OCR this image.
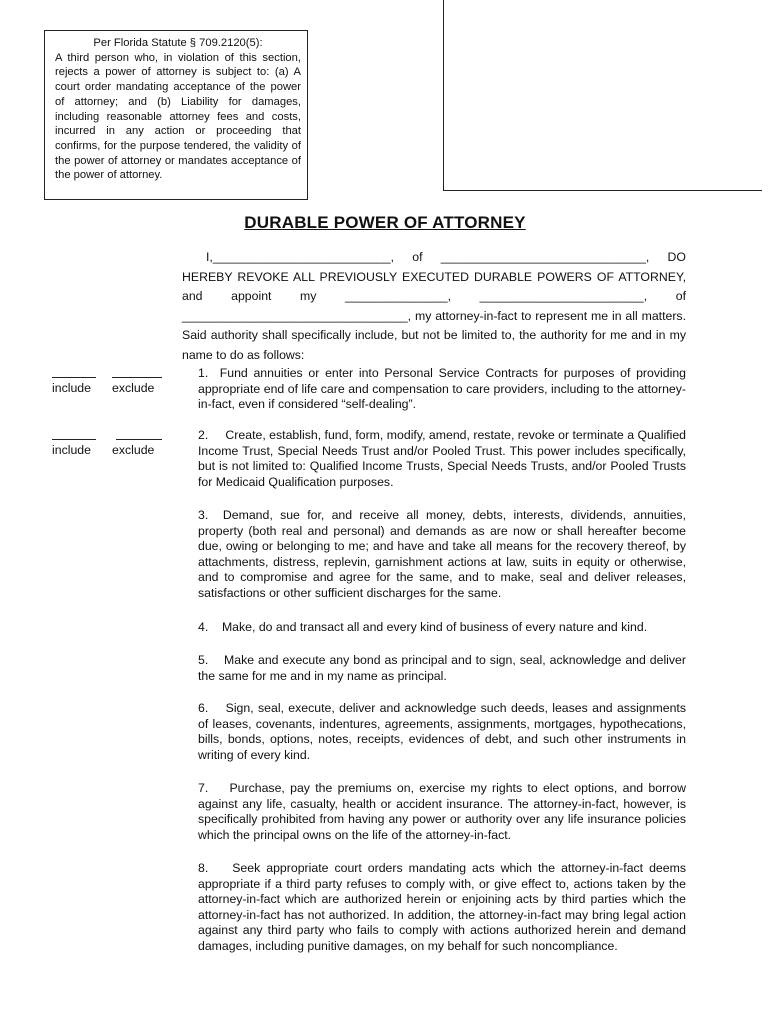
Per Florida Statute § 709.2120(5):
A third person who, in violation of this section, rejects a power of attorney is subject to: (a) A court order mandating acceptance of the power of attorney; and (b) Liability for damages, including reasonable attorney fees and costs, incurred in any action or proceeding that confirms, for the purpose tendered, the validity of the power of attorney or mandates acceptance of the power of attorney.
DURABLE POWER OF ATTORNEY
I,__________________________, of ______________________________, DO HEREBY REVOKE ALL PREVIOUSLY EXECUTED DURABLE POWERS OF ATTORNEY, and appoint my _______________, ________________________, of _________________________________, my attorney-in-fact to represent me in all matters. Said authority shall specifically include, but not be limited to, the authority for me and in my name to do as follows:
include exclude
include exclude
1. Fund annuities or enter into Personal Service Contracts for purposes of providing appropriate end of life care and compensation to care providers, including to the attorney-in-fact, even if considered “self-dealing”.
2. Create, establish, fund, form, modify, amend, restate, revoke or terminate a Qualified Income Trust, Special Needs Trust and/or Pooled Trust. This power includes specifically, but is not limited to: Qualified Income Trusts, Special Needs Trusts, and/or Pooled Trusts for Medicaid Qualification purposes.
3. Demand, sue for, and receive all money, debts, interests, dividends, annuities, property (both real and personal) and demands as are now or shall hereafter become due, owing or belonging to me; and have and take all means for the recovery thereof, by attachments, distress, replevin, garnishment actions at law, suits in equity or otherwise, and to compromise and agree for the same, and to make, seal and deliver releases, satisfactions or other sufficient discharges for the same.
4. Make, do and transact all and every kind of business of every nature and kind.
5. Make and execute any bond as principal and to sign, seal, acknowledge and deliver the same for me and in my name as principal.
6. Sign, seal, execute, deliver and acknowledge such deeds, leases and assignments of leases, covenants, indentures, agreements, assignments, mortgages, hypothecations, bills, bonds, options, notes, receipts, evidences of debt, and such other instruments in writing of every kind.
7. Purchase, pay the premiums on, exercise my rights to elect options, and borrow against any life, casualty, health or accident insurance. The attorney-in-fact, however, is specifically prohibited from having any power or authority over any life insurance policies which the principal owns on the life of the attorney-in-fact.
8. Seek appropriate court orders mandating acts which the attorney-in-fact deems appropriate if a third party refuses to comply with, or give effect to, actions taken by the attorney-in-fact which are authorized herein or enjoining acts by third parties which the attorney-in-fact has not authorized. In addition, the attorney-in-fact may bring legal action against any third party who fails to comply with actions authorized herein and demand damages, including punitive damages, on my behalf for such noncompliance.
